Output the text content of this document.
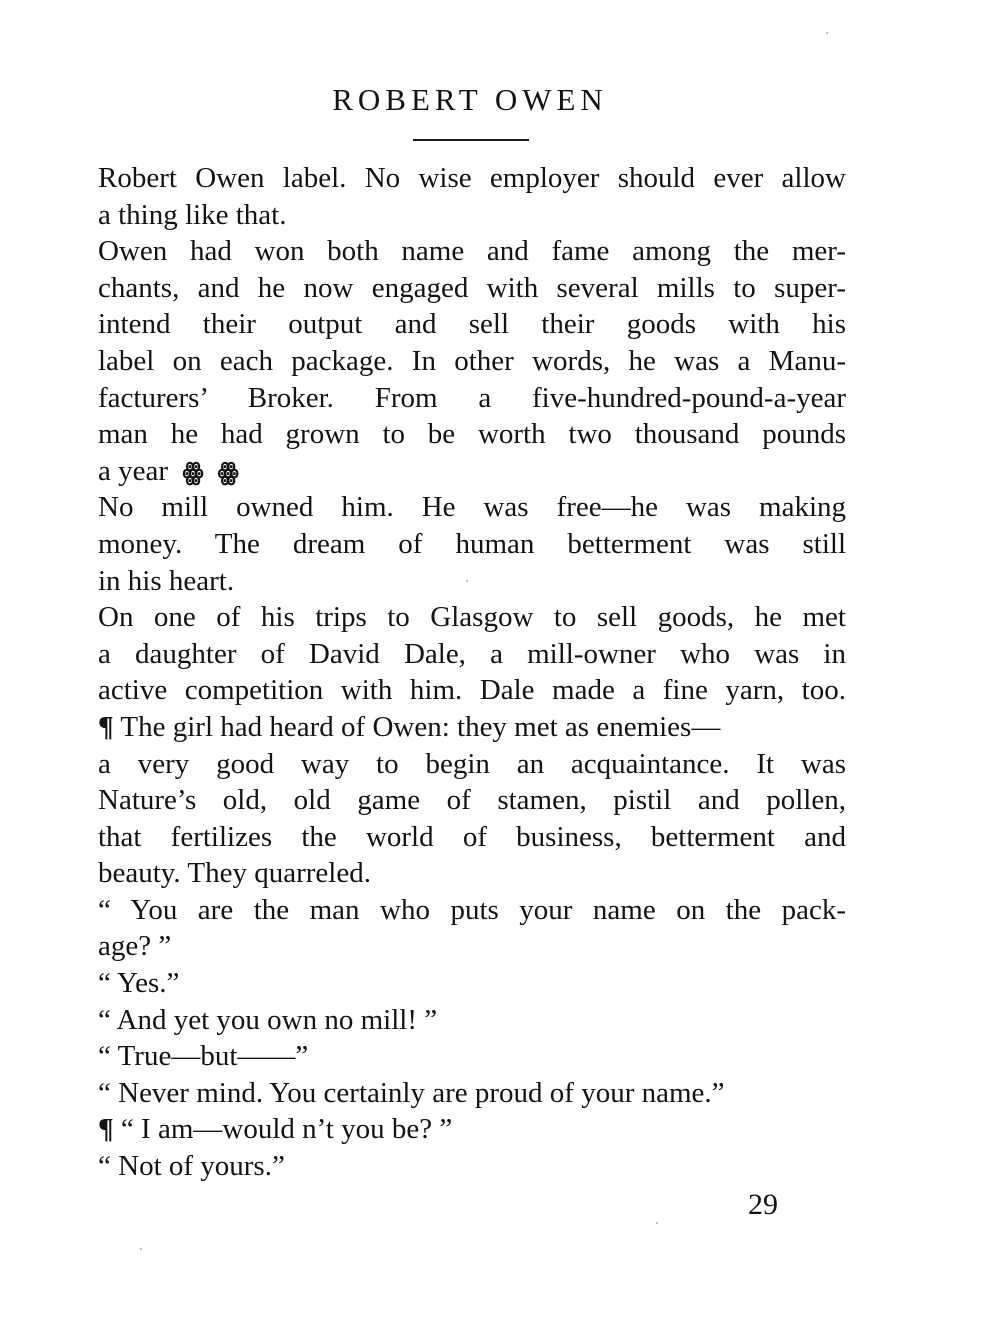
ROBERT OWEN
Robert Owen label. No wise employer should ever allow
a thing like that.
Owen had won both name and fame among the mer-
chants, and he now engaged with several mills to super-
intend their output and sell their goods with his
label on each package. In other words, he was a Manu-
facturers’ Broker. From a five-hundred-pound-a-year
man he had grown to be worth two thousand pounds
a year ꙮ ꙮ
No mill owned him. He was free—he was making
money. The dream of human betterment was still
in his heart.
On one of his trips to Glasgow to sell goods, he met
a daughter of David Dale, a mill-owner who was in
active competition with him. Dale made a fine yarn, too.
¶ The girl had heard of Owen: they met as enemies—
a very good way to begin an acquaintance. It was
Nature’s old, old game of stamen, pistil and pollen,
that fertilizes the world of business, betterment and
beauty. They quarreled.
“ You are the man who puts your name on the pack-
age? ”
“ Yes.”
“ And yet you own no mill! ”
“ True—but——”
“ Never mind. You certainly are proud of your name.”
¶ “ I am—would n’t you be? ”
“ Not of yours.”
29
